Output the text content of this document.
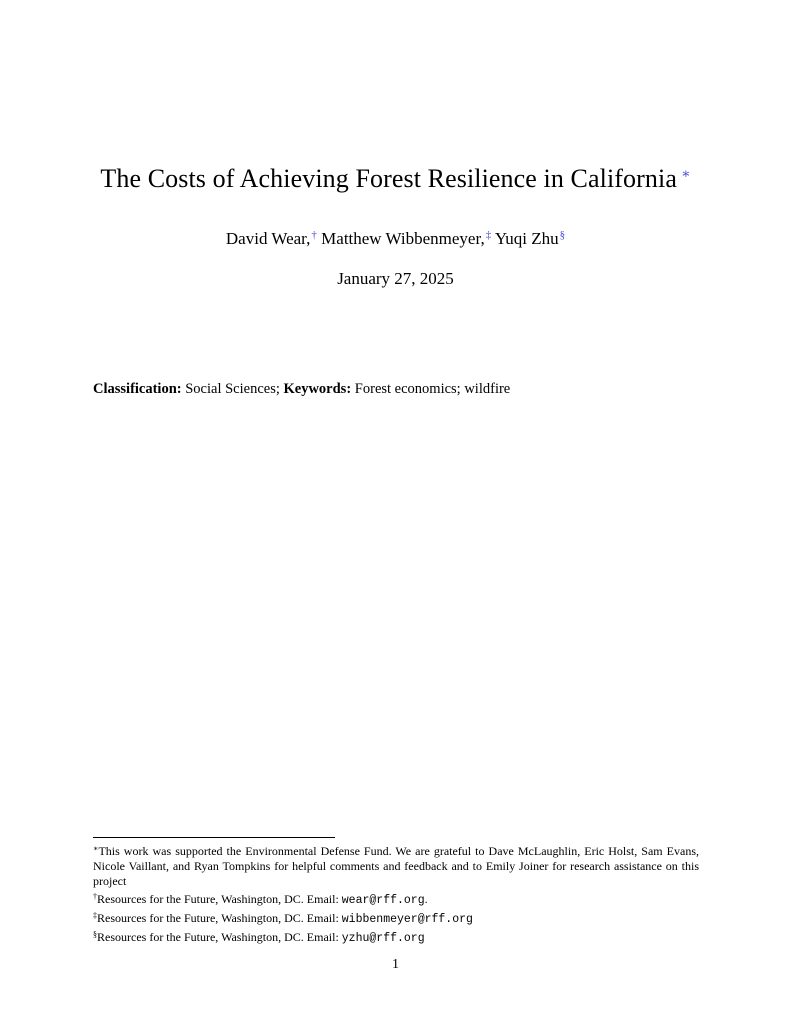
The Costs of Achieving Forest Resilience in California ∗
David Wear,† Matthew Wibbenmeyer,‡ Yuqi Zhu§
January 27, 2025
Classification: Social Sciences; Keywords: Forest economics; wildfire

∗This work was supported the Environmental Defense Fund. We are grateful to Dave McLaughlin, Eric Holst, Sam Evans, Nicole Vaillant, and Ryan Tompkins for helpful comments and feedback and to Emily Joiner for research assistance on this project

†Resources for the Future, Washington, DC. Email: wear@rff.org.

‡Resources for the Future, Washington, DC. Email: wibbenmeyer@rff.org

§Resources for the Future, Washington, DC. Email: yzhu@rff.org

1
